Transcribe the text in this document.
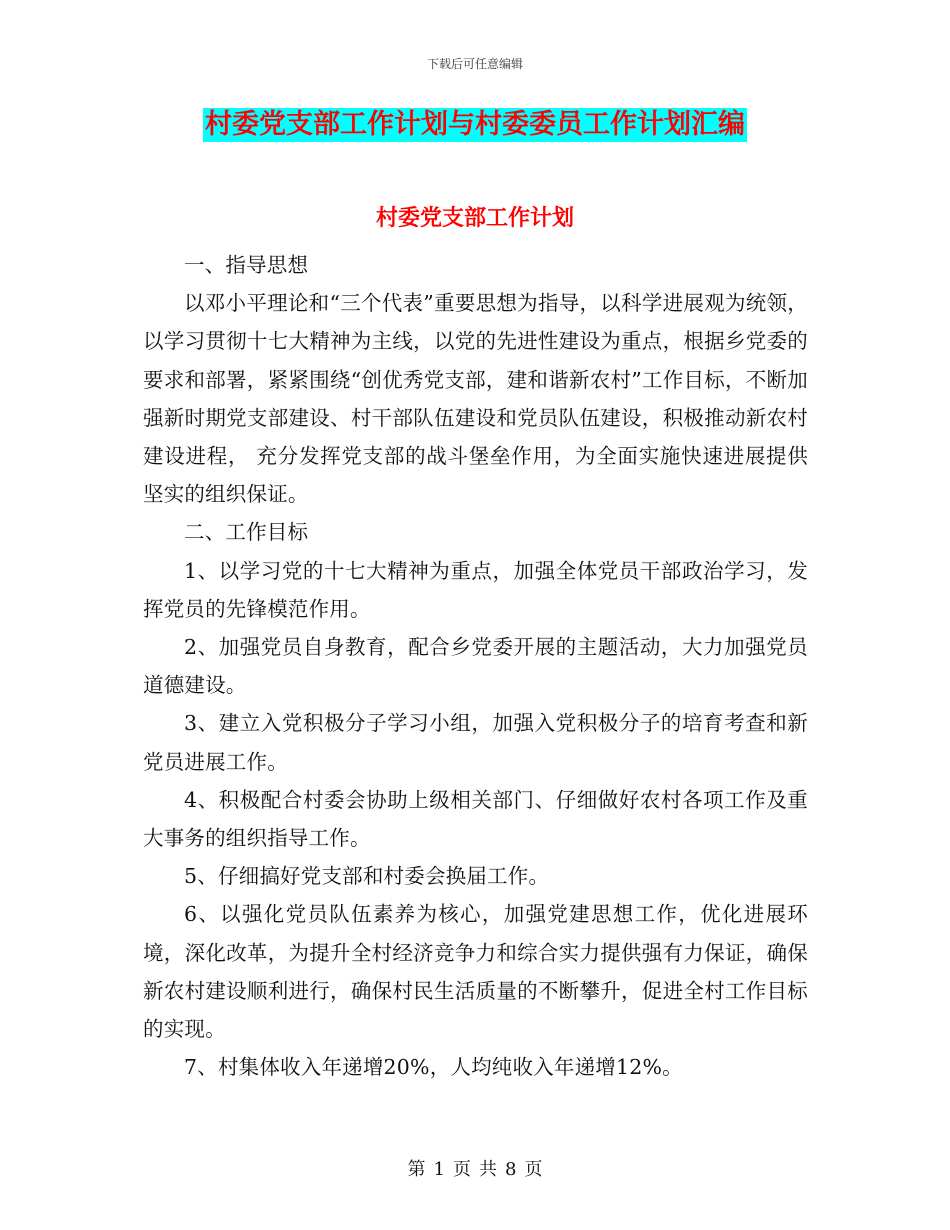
下载后可任意编辑
村委党支部工作计划与村委委员工作计划汇编
村委党支部工作计划

一、指导思想

以邓小平理论和“三个代表”重要思想为指导，以科学进展观为统领，以学习贯彻十七大精神为主线，以党的先进性建设为重点，根据乡党委的要求和部署，紧紧围绕“创优秀党支部，建和谐新农村”工作目标，不断加强新时期党支部建设、村干部队伍建设和党员队伍建设，积极推动新农村建设进程， 充分发挥党支部的战斗堡垒作用，为全面实施快速进展提供坚实的组织保证。

二、工作目标

1、以学习党的十七大精神为重点，加强全体党员干部政治学习，发挥党员的先锋模范作用。

2、加强党员自身教育，配合乡党委开展的主题活动，大力加强党员道德建设。

3、建立入党积极分子学习小组，加强入党积极分子的培育考查和新党员进展工作。

4、积极配合村委会协助上级相关部门、仔细做好农村各项工作及重大事务的组织指导工作。

5、仔细搞好党支部和村委会换届工作。

6、以强化党员队伍素养为核心，加强党建思想工作，优化进展环境，深化改革，为提升全村经济竞争力和综合实力提供强有力保证，确保新农村建设顺利进行，确保村民生活质量的不断攀升，促进全村工作目标的实现。

7、村集体收入年递增20%，人均纯收入年递增12%。

第 1 页 共 8 页
